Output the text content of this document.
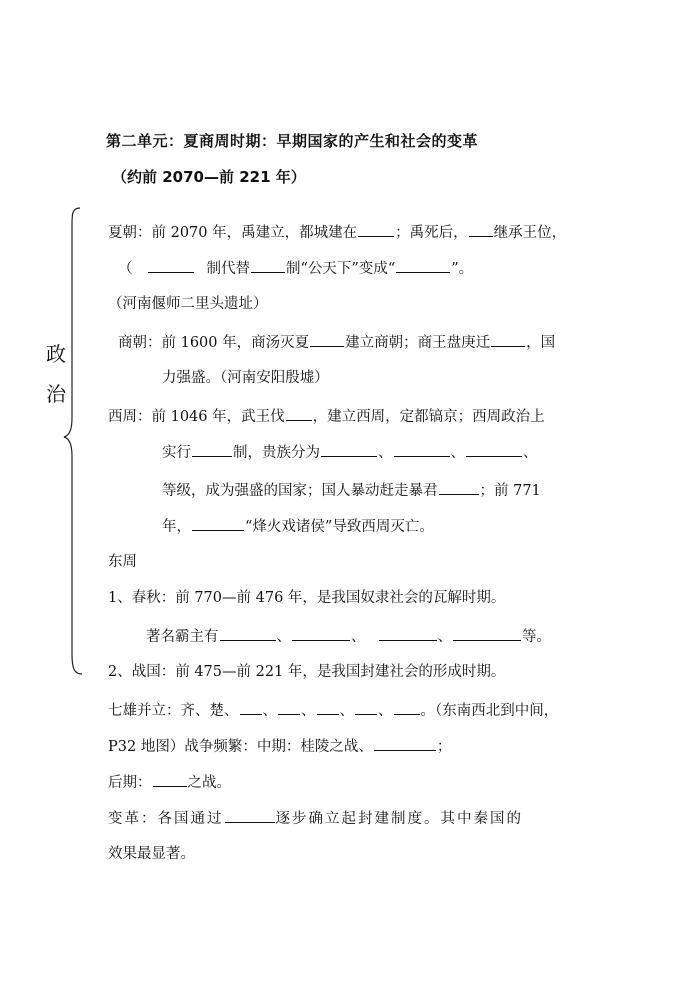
第二单元：夏商周时期：早期国家的产生和社会的变革
（约前 2070—前 221 年）
政
治
夏朝：前 2070 年，禹建立，都城建在	；禹死后， 继承王位，
（	制代替 制“公天下”变成“	”。
（河南偃师二里头遗址）
商朝：前 1600 年，商汤灭夏 建立商朝；商王盘庚迁 ，国
力强盛。（河南安阳殷墟）
西周：前 1046 年，武王伐 ，建立西周，定都镐京；西周政治上
实行	制，贵族分为	、	、	、
等级，成为强盛的国家；国人暴动赶走暴君	；前 771
年，	“烽火戏诸侯”导致西周灭亡。
东周
1、春秋：前 770—前 476 年，是我国奴隶社会的瓦解时期。
著名霸主有	、	、	、	等。
2、战国：前 475—前 221 年，是我国封建社会的形成时期。
七雄并立：齐、楚、 、 、 、 、 。（东南西北到中间，
P32 地图）战争频繁：中期：桂陵之战、	；
后期： 之战。
变革：各国通过	逐步确立起封建制度。其中秦国的
效果最显著。
